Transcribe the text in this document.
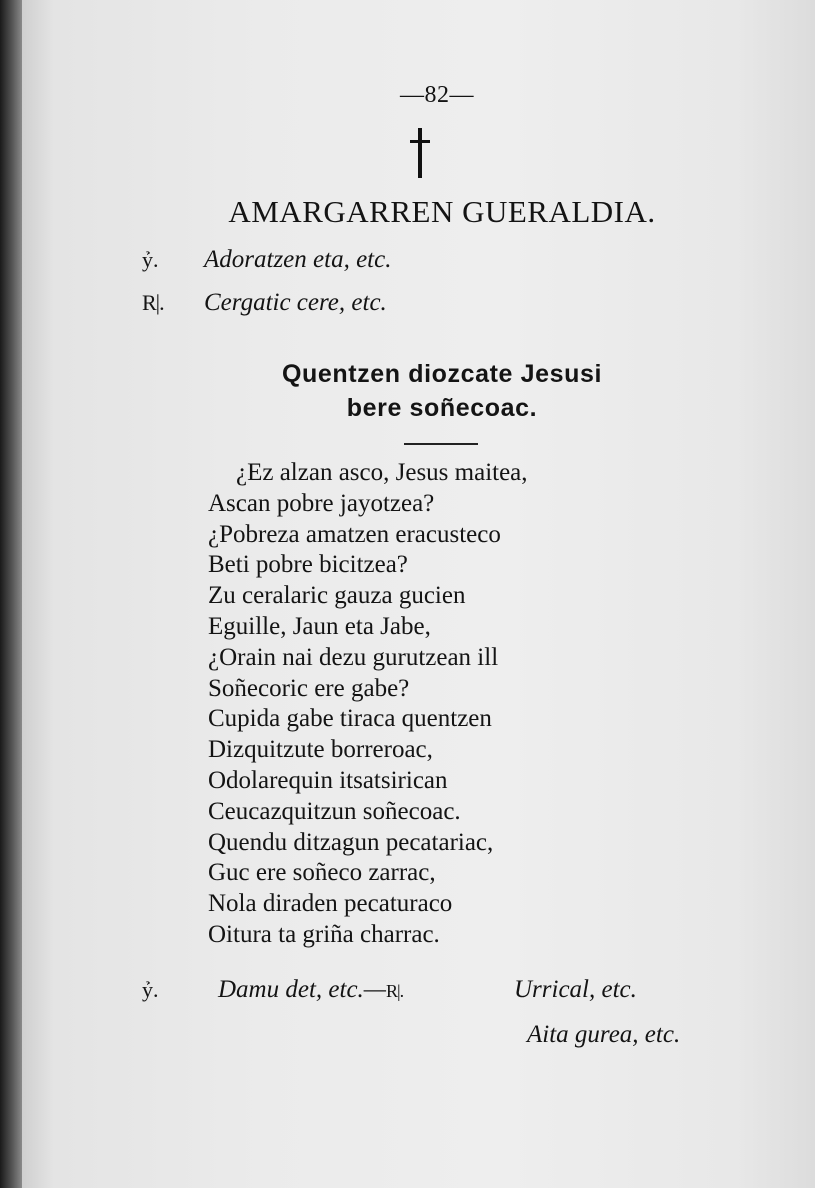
—82—
AMARGARREN GUERALDIA.
ỷ. Adoratzen eta, etc.
R|. Cergatic cere, etc.
Quentzen diozcate Jesusi
bere soñecoac.
¿Ez alzan asco, Jesus maitea,
Ascan pobre jayotzea?
¿Pobreza amatzen eracusteco
Beti pobre bicitzea?
Zu ceralaric gauza gucien
Eguille, Jaun eta Jabe,
¿Orain nai dezu gurutzean ill
Soñecoric ere gabe?
Cupida gabe tiraca quentzen
Dizquitzute borreroac,
Odolarequin itsatsirican
Ceucazquitzun soñecoac.
Quendu ditzagun pecatariac,
Guc ere soñeco zarrac,
Nola diraden pecaturaco
Oitura ta griña charrac.
ỷ. Damu det, etc.—R|.	Urrical, etc.
Aita gurea, etc.
